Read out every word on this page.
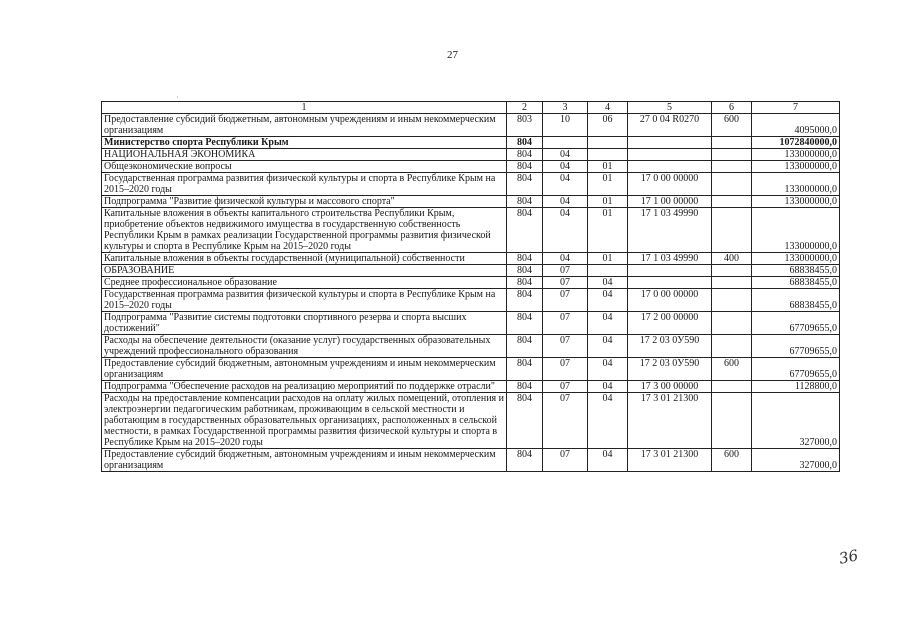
27
·
1	2	3	4	5	6	7
Предоставление субсидий бюджетным, автономным учреждениям и иным некоммерческим организациям	803	10	06	27 0 04 R0270	600	4095000,0
Министерство спорта Республики Крым	804					1072840000,0
НАЦИОНАЛЬНАЯ ЭКОНОМИКА	804	04				133000000,0
Общеэкономические вопросы	804	04	01			133000000,0
Государственная программа развития физической культуры и спорта в Республике Крым на 2015–2020 годы	804	04	01	17 0 00 00000		133000000,0
Подпрограмма "Развитие физической культуры и массового спорта"	804	04	01	17 1 00 00000		133000000,0
Капитальные вложения в объекты капитального строительства Республики Крым, приобретение объектов недвижимого имущества в государственную собственность Республики Крым в рамках реализации Государственной программы развития физической культуры и спорта в Республике Крым на 2015–2020 годы	804	04	01	17 1 03 49990		133000000,0
Капитальные вложения в объекты государственной (муниципальной) собственности	804	04	01	17 1 03 49990	400	133000000,0
ОБРАЗОВАНИЕ	804	07				68838455,0
Среднее профессиональное образование	804	07	04			68838455,0
Государственная программа развития физической культуры и спорта в Республике Крым на 2015–2020 годы	804	07	04	17 0 00 00000		68838455,0
Подпрограмма "Развитие системы подготовки спортивного резерва и спорта высших достижений"	804	07	04	17 2 00 00000		67709655,0
Расходы на обеспечение деятельности (оказание услуг) государственных образовательных учреждений профессионального образования	804	07	04	17 2 03 0У590		67709655,0
Предоставление субсидий бюджетным, автономным учреждениям и иным некоммерческим организациям	804	07	04	17 2 03 0У590	600	67709655,0
Подпрограмма "Обеспечение расходов на реализацию мероприятий по поддержке отрасли"	804	07	04	17 3 00 00000		1128800,0
Расходы на предоставление компенсации расходов на оплату жилых помещений, отопления и электроэнергии педагогическим работникам, проживающим в сельской местности и работающим в государственных образовательных организациях, расположенных в сельской местности, в рамках Государственной программы развития физической культуры и спорта в Республике Крым на 2015–2020 годы	804	07	04	17 3 01 21300		327000,0
Предоставление субсидий бюджетным, автономным учреждениям и иным некоммерческим организациям	804	07	04	17 3 01 21300	600	327000,0
36
